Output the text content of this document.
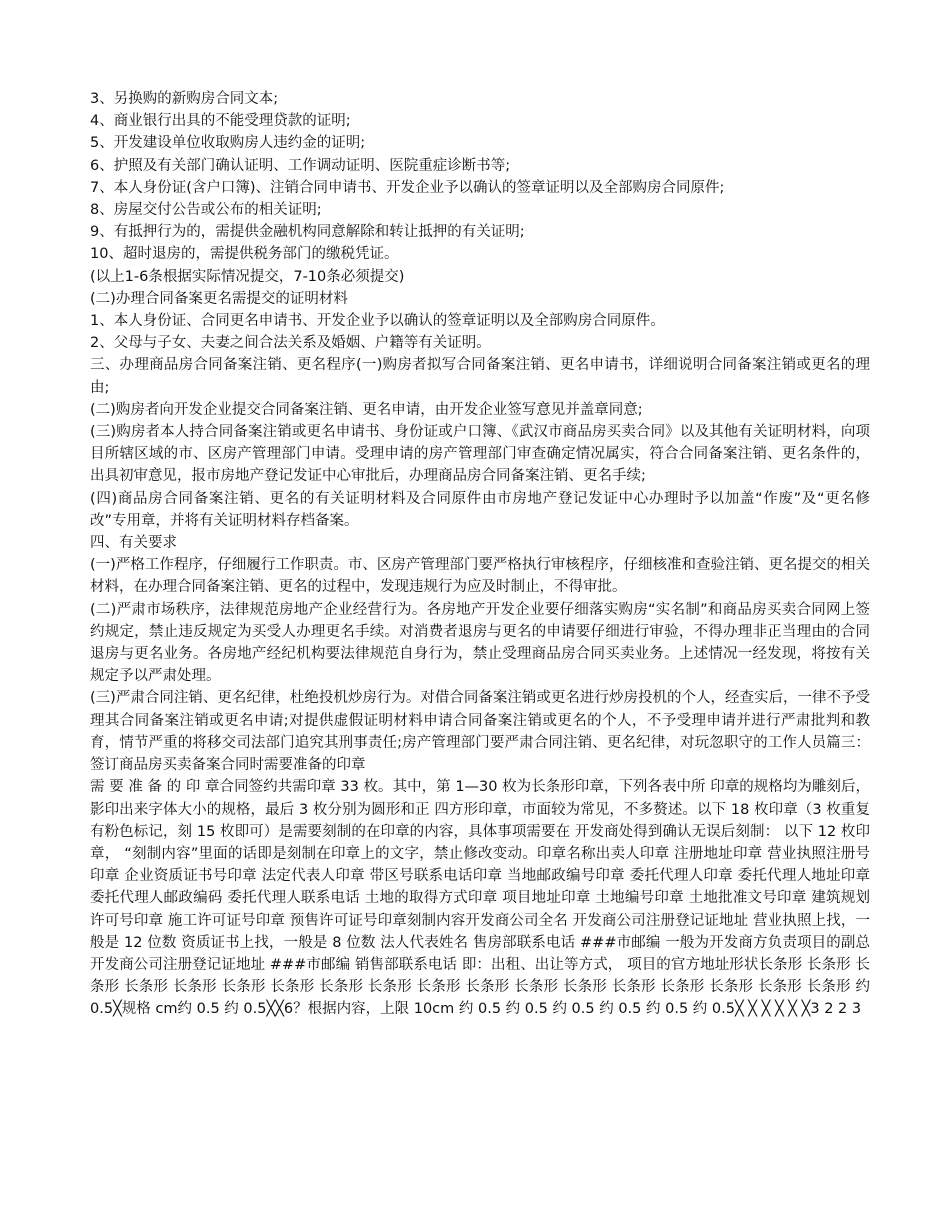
3、另换购的新购房合同文本;
4、商业银行出具的不能受理贷款的证明;
5、开发建设单位收取购房人违约金的证明;
6、护照及有关部门确认证明、工作调动证明、医院重症诊断书等;
7、本人身份证(含户口簿)、注销合同申请书、开发企业予以确认的签章证明以及全部购房合同原件;
8、房屋交付公告或公布的相关证明;
9、有抵押行为的，需提供金融机构同意解除和转让抵押的有关证明;
10、超时退房的，需提供税务部门的缴税凭证。
(以上1-6条根据实际情况提交，7-10条必须提交)
(二)办理合同备案更名需提交的证明材料
1、本人身份证、合同更名申请书、开发企业予以确认的签章证明以及全部购房合同原件。
2、父母与子女、夫妻之间合法关系及婚姻、户籍等有关证明。
三、办理商品房合同备案注销、更名程序(一)购房者拟写合同备案注销、更名申请书，详细说明合同备案注销或更名的理由;
(二)购房者向开发企业提交合同备案注销、更名申请，由开发企业签写意见并盖章同意;
(三)购房者本人持合同备案注销或更名申请书、身份证或户口簿、《武汉市商品房买卖合同》以及其他有关证明材料，向项目所辖区域的市、区房产管理部门申请。受理申请的房产管理部门审查确定情况属实，符合合同备案注销、更名条件的，出具初审意见，报市房地产登记发证中心审批后，办理商品房合同备案注销、更名手续;
(四)商品房合同备案注销、更名的有关证明材料及合同原件由市房地产登记发证中心办理时予以加盖“作废”及“更名修改”专用章，并将有关证明材料存档备案。
四、有关要求
(一)严格工作程序，仔细履行工作职责。市、区房产管理部门要严格执行审核程序，仔细核准和查验注销、更名提交的相关材料，在办理合同备案注销、更名的过程中，发现违规行为应及时制止，不得审批。
(二)严肃市场秩序，法律规范房地产企业经营行为。各房地产开发企业要仔细落实购房“实名制”和商品房买卖合同网上签约规定，禁止违反规定为买受人办理更名手续。对消费者退房与更名的申请要仔细进行审验，不得办理非正当理由的合同退房与更名业务。各房地产经纪机构要法律规范自身行为，禁止受理商品房合同买卖业务。上述情况一经发现，将按有关规定予以严肃处理。
(三)严肃合同注销、更名纪律，杜绝投机炒房行为。对借合同备案注销或更名进行炒房投机的个人，经查实后，一律不予受理其合同备案注销或更名申请;对提供虚假证明材料申请合同备案注销或更名的个人，不予受理申请并进行严肃批判和教育，情节严重的将移交司法部门追究其刑事责任;房产管理部门要严肃合同注销、更名纪律，对玩忽职守的工作人员篇三：签订商品房买卖备案合同时需要准备的印章
需 要 准 备 的 印 章合同签约共需印章 33 枚。其中，第 1—30 枚为长条形印章，下列各表中所 印章的规格均为雕刻后，影印出来字体大小的规格，最后 3 枚分别为圆形和正 四方形印章，市面较为常见，不多赘述。以下 18 枚印章（3 枚重复有粉色标记，刻 15 枚即可）是需要刻制的在印章的内容，具体事项需要在 开发商处得到确认无误后刻制： 以下 12 枚印章， “刻制内容”里面的话即是刻制在印章上的文字，禁止修改变动。印章名称出卖人印章 注册地址印章 营业执照注册号印章 企业资质证书号印章 法定代表人印章 带区号联系电话印章 当地邮政编号印章 委托代理人印章 委托代理人地址印章 委托代理人邮政编码 委托代理人联系电话 土地的取得方式印章 项目地址印章 土地编号印章 土地批准文号印章 建筑规划许可号印章 施工许可证号印章 预售许可证号印章刻制内容开发商公司全名 开发商公司注册登记证地址 营业执照上找，一般是 12 位数 资质证书上找，一般是 8 位数 法人代表姓名 售房部联系电话 ###市邮编 一般为开发商方负责项目的副总 开发商公司注册登记证地址 ###市邮编 销售部联系电话 即：出租、出让等方式， 项目的官方地址形状长条形 长条形 长条形 长条形 长条形 长条形 长条形 长条形 长条形 长条形 长条形 长条形 长条形 长条形 长条形 长条形 长条形 长条形 约 0.5╳规格 cm约 0.5 约 0.5╳╳6？根据内容，上限 10cm 约 0.5 约 0.5 约 0.5 约 0.5 约 0.5 约 0.5╳ ╳ ╳ ╳ ╳ ╳3 2 2 3
